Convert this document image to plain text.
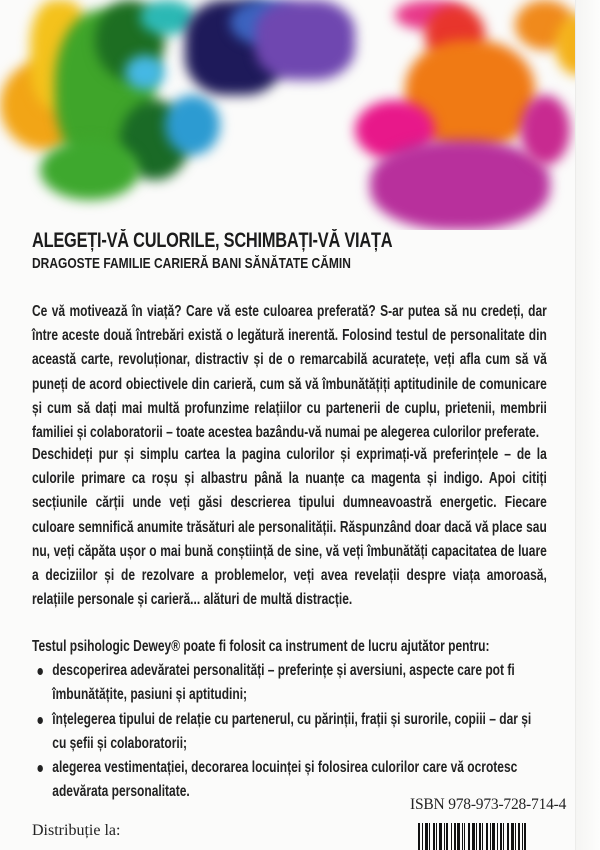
ALEGEȚI-VĂ CULORILE, SCHIMBAȚI-VĂ VIAȚA
DRAGOSTE FAMILIE CARIERĂ BANI SĂNĂTATE CĂMIN

Ce vă motivează în viață? Care vă este culoarea preferată? S-ar putea să nu credeți, dar între aceste două întrebări există o legătură inerentă. Folosind testul de personalitate din această carte, revoluționar, distractiv și de o remarcabilă acuratețe, veți afla cum să vă puneți de acord obiectivele din carieră, cum să vă îmbunătățiți aptitudinile de comunicare și cum să dați mai multă profunzime relațiilor cu partenerii de cuplu, prietenii, membrii familiei și colaboratorii – toate acestea bazându-vă numai pe alegerea culorilor preferate.

Deschideți pur și simplu cartea la pagina culorilor și exprimați-vă preferințele – de la culorile primare ca roșu și albastru până la nuanțe ca magenta și indigo. Apoi citiți secțiunile cărții unde veți găsi descrierea tipului dumneavoastră energetic. Fiecare culoare semnifică anumite trăsături ale personalității. Răspunzând doar dacă vă place sau nu, veți căpăta ușor o mai bună conștiință de sine, vă veți îmbunătăți capacitatea de luare a deciziilor și de rezolvare a problemelor, veți avea revelații despre viața amoroasă, relațiile personale și carieră... alături de multă distracție.

Testul psihologic Dewey® poate fi folosit ca instrument de lucru ajutător pentru:

descoperirea adevăratei personalități – preferințe și aversiuni, aspecte care pot fi îmbunătățite, pasiuni și aptitudini;
înțelegerea tipului de relație cu partenerul, cu părinții, frații și surorile, copiii – dar și cu șefii și colaboratorii;
alegerea vestimentației, decorarea locuinței și folosirea culorilor care vă ocrotesc adevărata personalitate.
ISBN 978-973-728-714-4
Distribuție la:
